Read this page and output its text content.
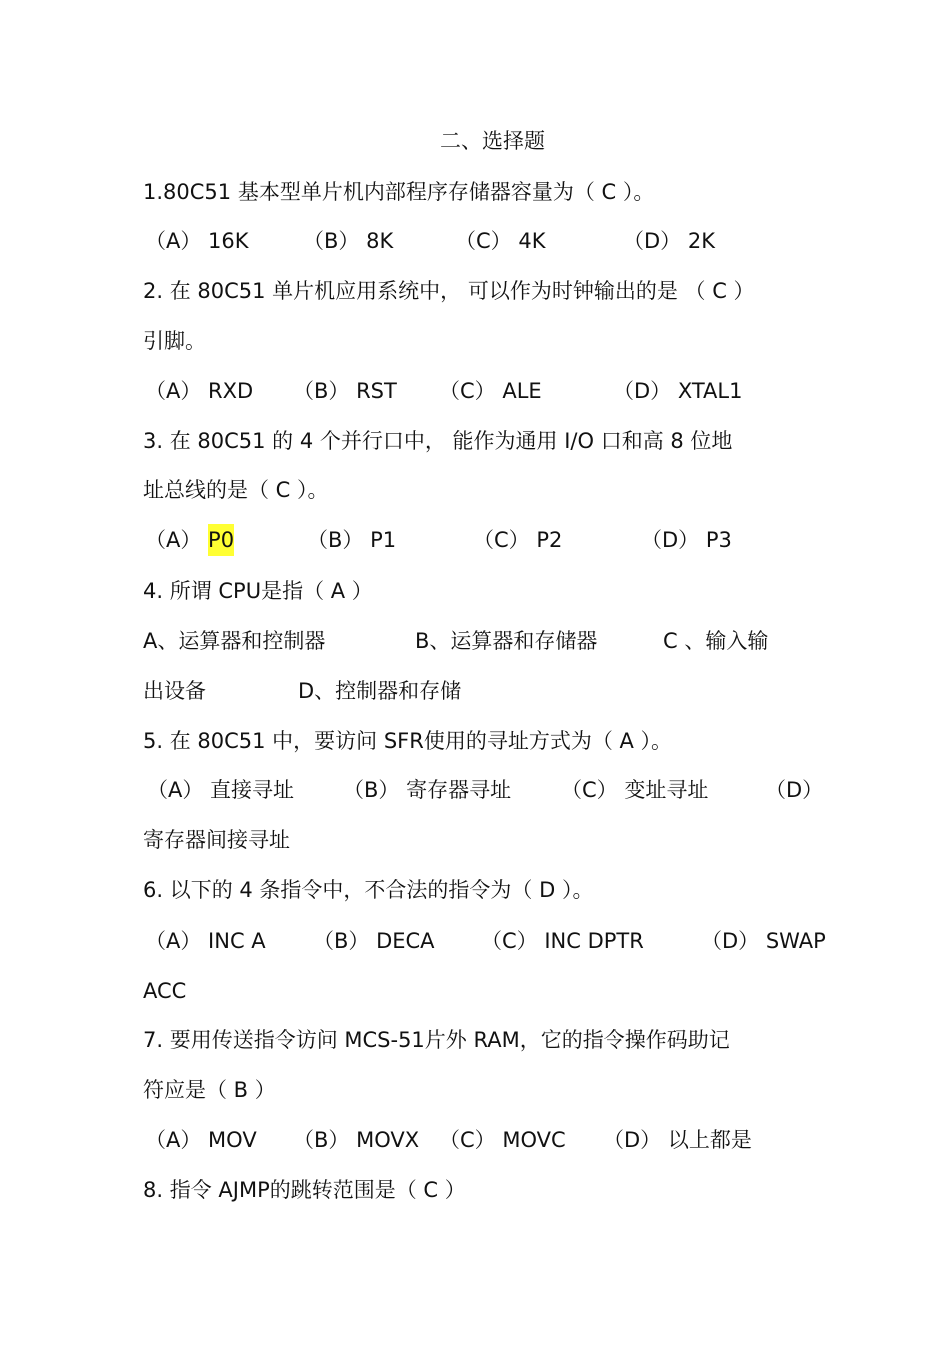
二、选择题
1.80C51 基本型单片机内部程序存储器容量为（ C ）。
（A） 16K	（B） 8K	（C） 4K	（D） 2K
2. 在 80C51 单片机应用系统中， 可以作为时钟输出的是 （ C ）
引脚。
（A） RXD （B） RST （C） ALE	（D） XTAL1
3. 在 80C51 的 4 个并行口中， 能作为通用 I/O 口和高 8 位地
址总线的是（ C ）。
（A） P0	（B） P1	（C） P2	（D） P3
4. 所谓 CPU是指（ A ）
A、运算器和控制器	B、运算器和存储器	C 、输入输
出设备	D、控制器和存储
5. 在 80C51 中，要访问 SFR使用的寻址方式为（ A ）。
（A） 直接寻址 （B） 寄存器寻址 （C） 变址寻址	（D）
寄存器间接寻址
6. 以下的 4 条指令中，不合法的指令为（ D ）。
（A） INC A （B） DECA （C） INC DPTR	（D） SWAP
ACC
7. 要用传送指令访问 MCS-51片外 RAM，它的指令操作码助记
符应是（ B ）
（A） MOV （B） MOVX （C） MOVC （D） 以上都是
8. 指令 AJMP的跳转范围是（ C ）
